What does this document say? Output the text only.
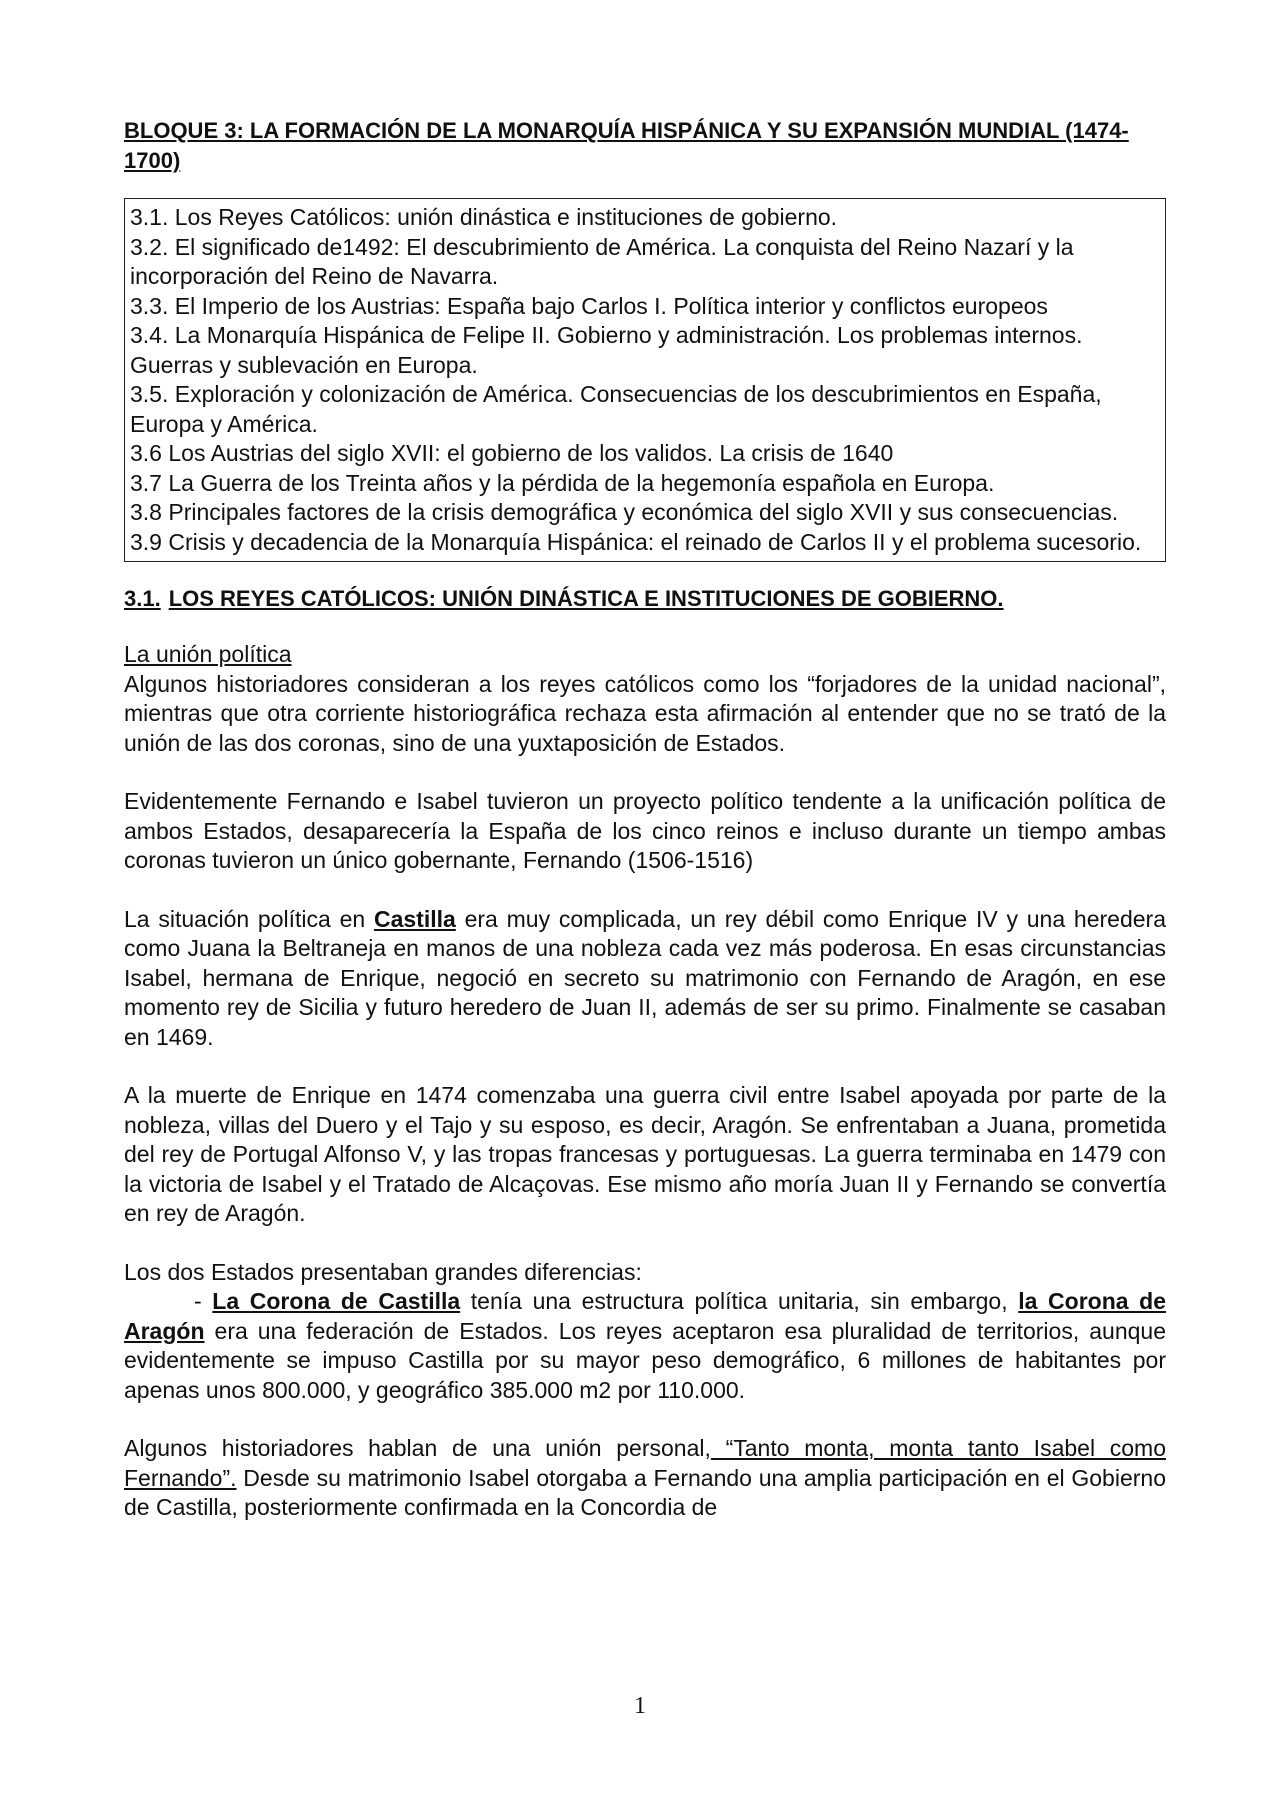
BLOQUE 3: LA FORMACIÓN DE LA MONARQUÍA HISPÁNICA Y SU EXPANSIÓN MUNDIAL (1474-1700)

3.1. Los Reyes Católicos: unión dinástica e instituciones de gobierno.

3.2. El significado de1492: El descubrimiento de América. La conquista del Reino Nazarí y la incorporación del Reino de Navarra.

3.3. El Imperio de los Austrias: España bajo Carlos I. Política interior y conflictos europeos

3.4. La Monarquía Hispánica de Felipe II. Gobierno y administración. Los problemas internos. Guerras y sublevación en Europa.

3.5. Exploración y colonización de América. Consecuencias de los descubrimientos en España, Europa y América.

3.6 Los Austrias del siglo XVII: el gobierno de los validos. La crisis de 1640

3.7 La Guerra de los Treinta años y la pérdida de la hegemonía española en Europa.

3.8 Principales factores de la crisis demográfica y económica del siglo XVII y sus consecuencias.

3.9 Crisis y decadencia de la Monarquía Hispánica: el reinado de Carlos II y el problema sucesorio.

3.1. LOS REYES CATÓLICOS: UNIÓN DINÁSTICA E INSTITUCIONES DE GOBIERNO.

La unión política
Algunos historiadores consideran a los reyes católicos como los “forjadores de la unidad nacional”, mientras que otra corriente historiográfica rechaza esta afirmación al entender que no se trató de la unión de las dos coronas, sino de una yuxtaposición de Estados.

Evidentemente Fernando e Isabel tuvieron un proyecto político tendente a la unificación política de ambos Estados, desaparecería la España de los cinco reinos e incluso durante un tiempo ambas coronas tuvieron un único gobernante, Fernando (1506-1516)

La situación política en Castilla era muy complicada, un rey débil como Enrique IV y una heredera como Juana la Beltraneja en manos de una nobleza cada vez más poderosa. En esas circunstancias Isabel, hermana de Enrique, negoció en secreto su matrimonio con Fernando de Aragón, en ese momento rey de Sicilia y futuro heredero de Juan II, además de ser su primo. Finalmente se casaban en 1469.

A la muerte de Enrique en 1474 comenzaba una guerra civil entre Isabel apoyada por parte de la nobleza, villas del Duero y el Tajo y su esposo, es decir, Aragón. Se enfrentaban a Juana, prometida del rey de Portugal Alfonso V, y las tropas francesas y portuguesas. La guerra terminaba en 1479 con la victoria de Isabel y el Tratado de Alcaçovas. Ese mismo año moría Juan II y Fernando se convertía en rey de Aragón.

Los dos Estados presentaban grandes diferencias:
- La Corona de Castilla tenía una estructura política unitaria, sin embargo, la Corona de Aragón era una federación de Estados. Los reyes aceptaron esa pluralidad de territorios, aunque evidentemente se impuso Castilla por su mayor peso demográfico, 6 millones de habitantes por apenas unos 800.000, y geográfico 385.000 m2 por 110.000.

Algunos historiadores hablan de una unión personal, “Tanto monta, monta tanto Isabel como Fernando”. Desde su matrimonio Isabel otorgaba a Fernando una amplia participación en el Gobierno de Castilla, posteriormente confirmada en la Concordia de

1
